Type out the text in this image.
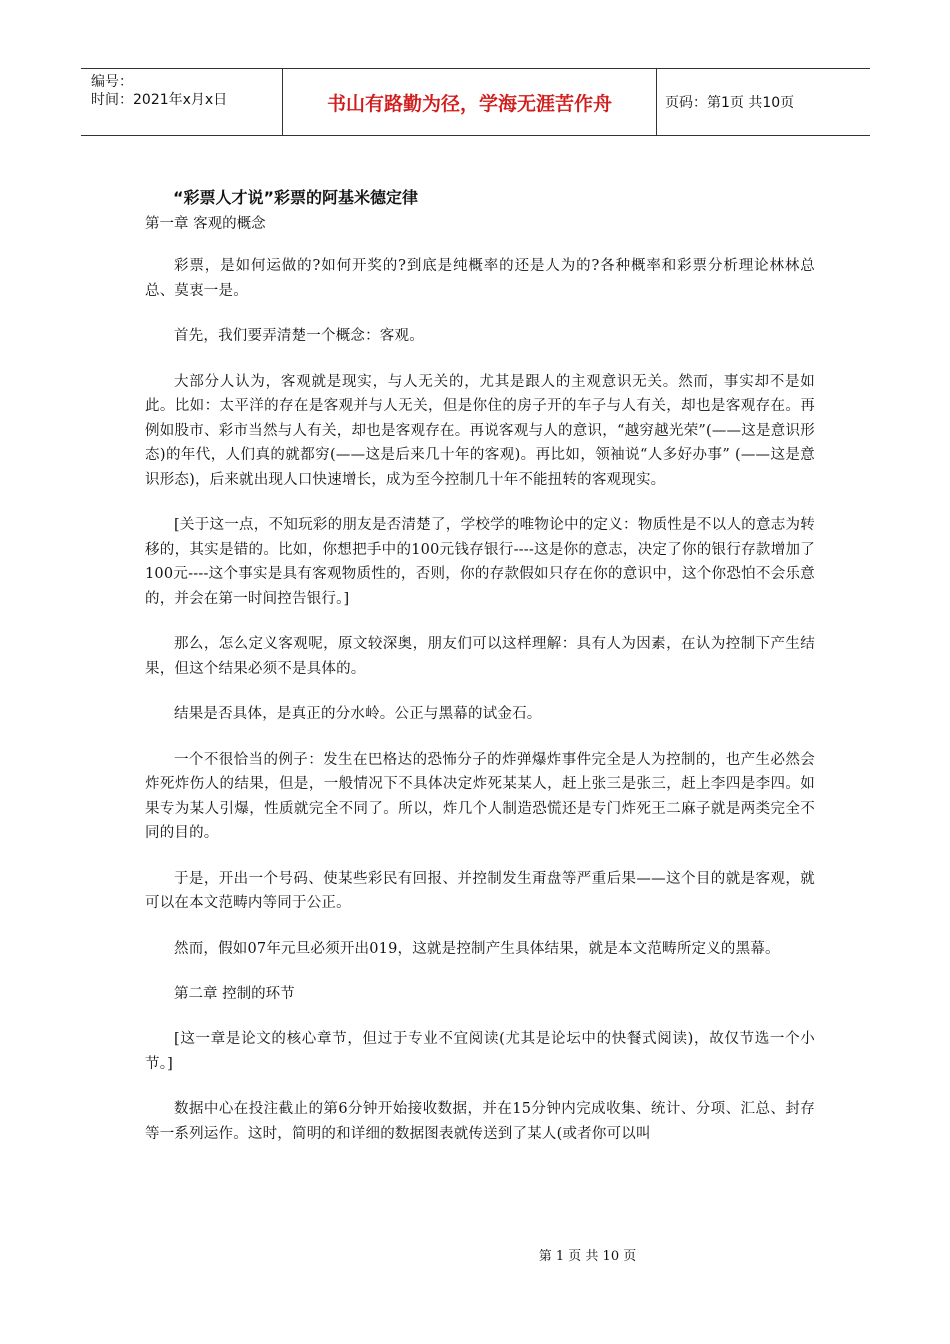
编号：
时间：2021年x月x日	书山有路勤为径，学海无涯苦作舟	页码：第1页 共10页
“彩票人才说”彩票的阿基米德定律

第一章 客观的概念

彩票，是如何运做的?如何开奖的?到底是纯概率的还是人为的?各种概率和彩票分析理论林林总总、莫衷一是。

首先，我们要弄清楚一个概念：客观。

大部分人认为，客观就是现实，与人无关的，尤其是跟人的主观意识无关。然而，事实却不是如此。比如：太平洋的存在是客观并与人无关，但是你住的房子开的车子与人有关，却也是客观存在。再例如股市、彩市当然与人有关，却也是客观存在。再说客观与人的意识，“越穷越光荣”(——这是意识形态)的年代，人们真的就都穷(——这是后来几十年的客观)。再比如，领袖说“人多好办事” (——这是意识形态)，后来就出现人口快速增长，成为至今控制几十年不能扭转的客观现实。

[关于这一点，不知玩彩的朋友是否清楚了，学校学的唯物论中的定义：物质性是不以人的意志为转移的，其实是错的。比如，你想把手中的100元钱存银行----这是你的意志，决定了你的银行存款增加了100元----这个事实是具有客观物质性的，否则，你的存款假如只存在你的意识中，这个你恐怕不会乐意的，并会在第一时间控告银行。]

那么，怎么定义客观呢，原文较深奥，朋友们可以这样理解：具有人为因素，在认为控制下产生结果，但这个结果必须不是具体的。

结果是否具体，是真正的分水岭。公正与黑幕的试金石。

一个不很恰当的例子：发生在巴格达的恐怖分子的炸弹爆炸事件完全是人为控制的，也产生必然会炸死炸伤人的结果，但是，一般情况下不具体决定炸死某某人，赶上张三是张三，赶上李四是李四。如果专为某人引爆，性质就完全不同了。所以，炸几个人制造恐慌还是专门炸死王二麻子就是两类完全不同的目的。

于是，开出一个号码、使某些彩民有回报、并控制发生甭盘等严重后果——这个目的就是客观，就可以在本文范畴内等同于公正。

然而，假如07年元旦必须开出019，这就是控制产生具体结果，就是本文范畴所定义的黑幕。

第二章 控制的环节

[这一章是论文的核心章节，但过于专业不宜阅读(尤其是论坛中的快餐式阅读)，故仅节选一个小节。]

数据中心在投注截止的第6分钟开始接收数据，并在15分钟内完成收集、统计、分项、汇总、封存等一系列运作。这时，简明的和详细的数据图表就传送到了某人(或者你可以叫

第 1 页 共 10 页
